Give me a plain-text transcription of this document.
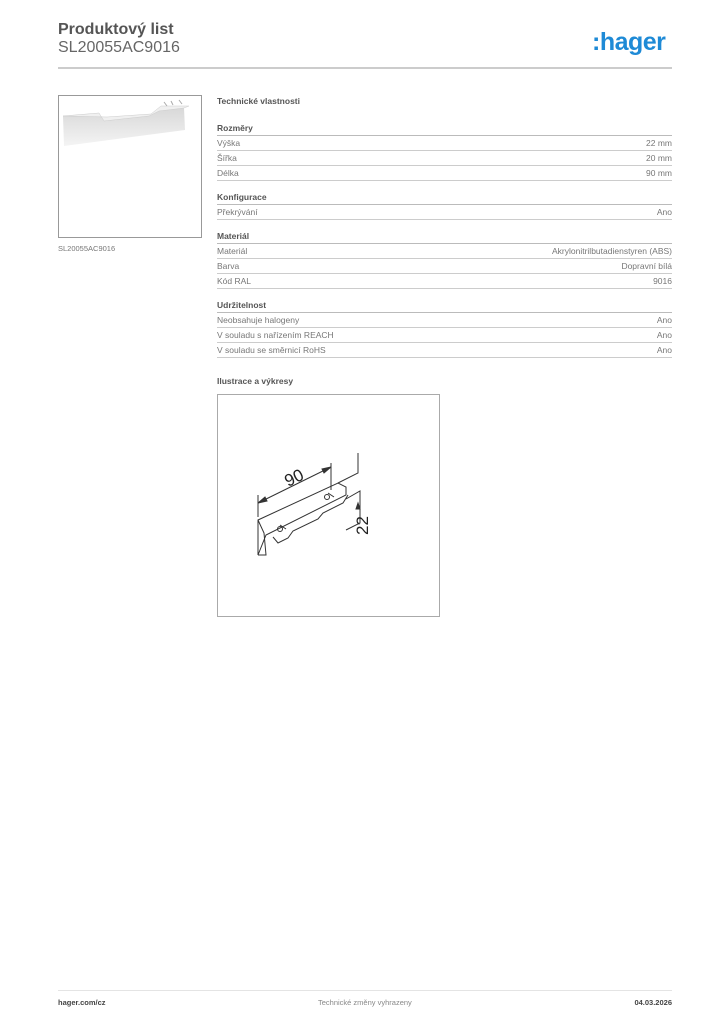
Produktový list
SL20055AC9016	:hager
SL20055AC9016
Technické vlastnosti
Rozměry
Výška	22 mm
Šířka	20 mm
Délka	90 mm
Konfigurace
Překrývání	Ano
Materiál
Materiál	Akrylonitrilbutadienstyren (ABS)
Barva	Dopravní bílá
Kód RAL	9016
Udržitelnost
Neobsahuje halogeny	Ano
V souladu s nařízením REACH	Ano
V souladu se směrnicí RoHS	Ano
Ilustrace a výkresy
90
22
hager.com/cz	Technické změny vyhrazeny	04.03.2026
